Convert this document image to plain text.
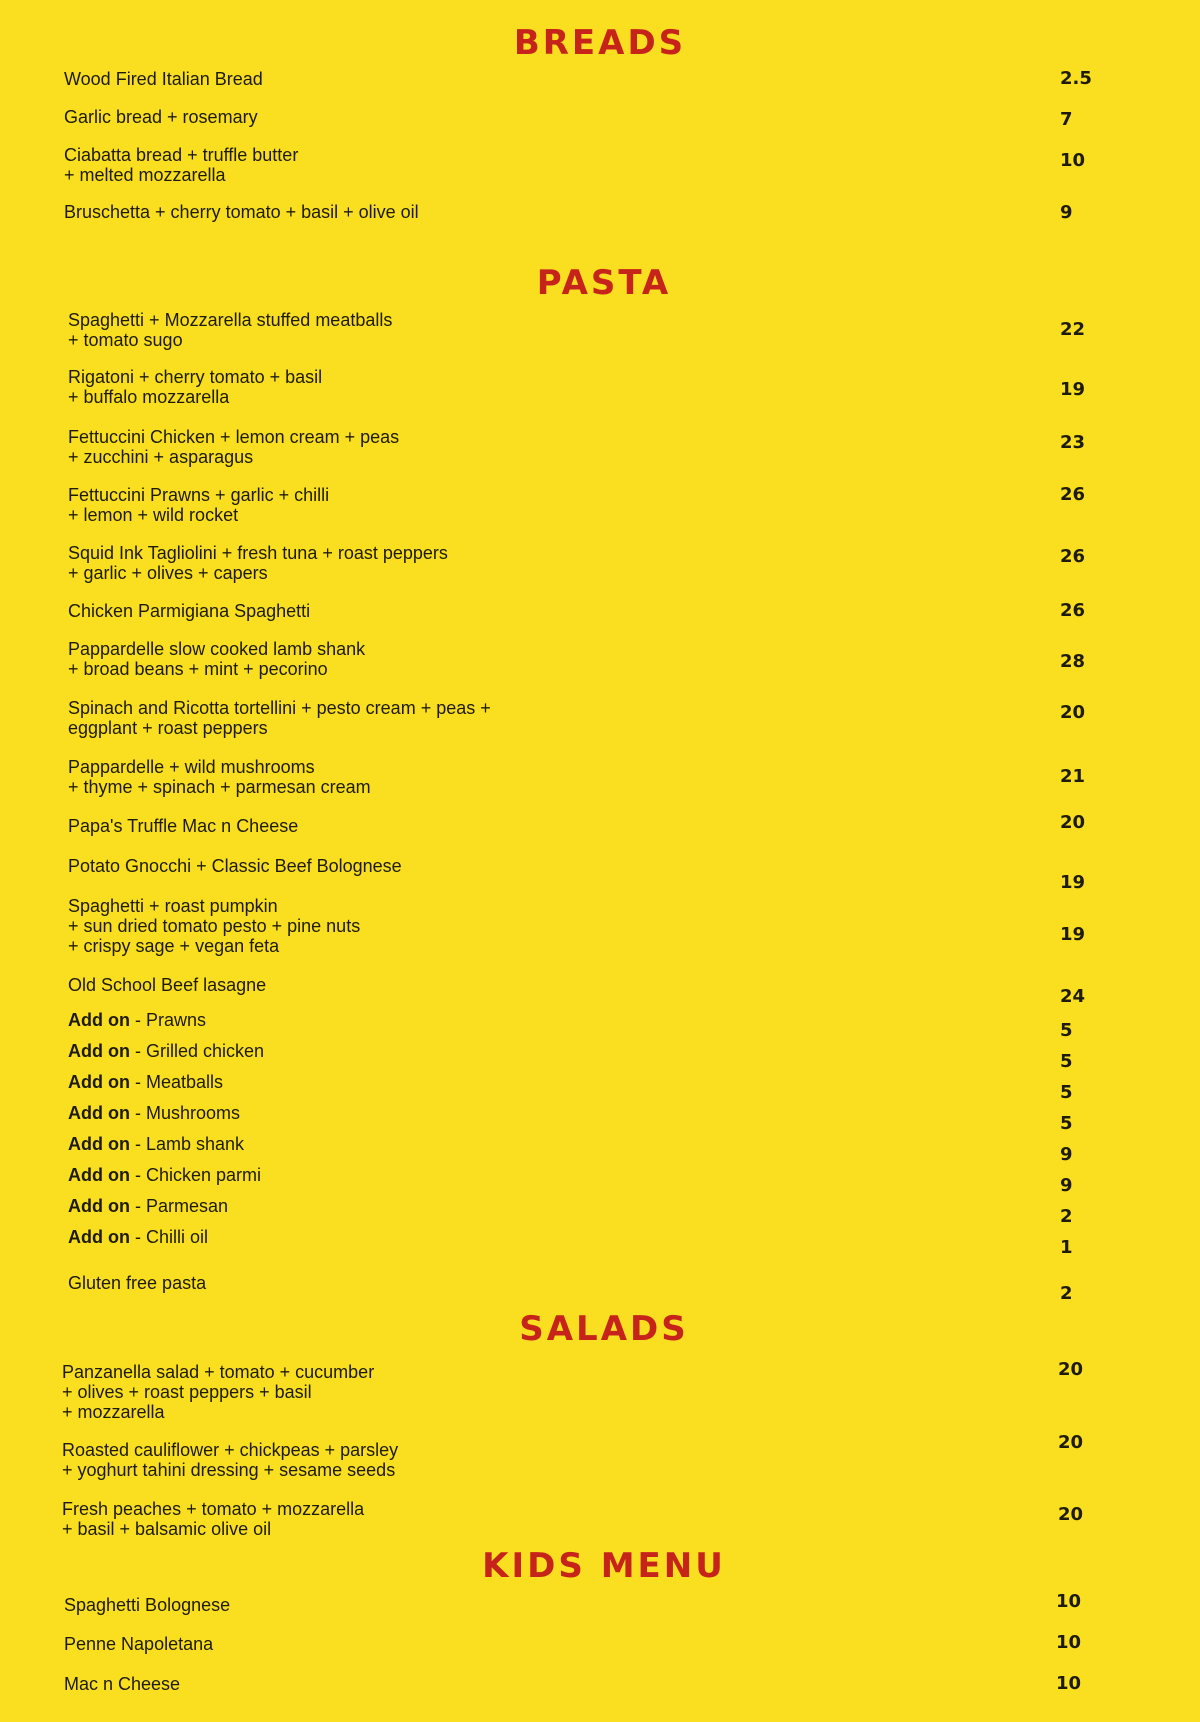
BREADS
Wood Fired Italian Bread	2.5
Garlic bread + rosemary	7
Ciabatta bread + truffle butter
+ melted mozzarella
10
Bruschetta + cherry tomato + basil + olive oil	9
PASTA
Spaghetti + Mozzarella stuffed meatballs
+ tomato sugo	22
Rigatoni + cherry tomato + basil
+ buffalo mozzarella	19
Fettuccini Chicken + lemon cream + peas
+ zucchini + asparagus
23
Fettuccini Prawns + garlic + chilli
+ lemon + wild rocket
26
Squid Ink Tagliolini + fresh tuna + roast peppers
+ garlic + olives + capers
26
Chicken Parmigiana Spaghetti	26
Pappardelle slow cooked lamb shank
+ broad beans + mint + pecorino	28
Spinach and Ricotta tortellini + pesto cream + peas +
eggplant + roast peppers
20
Pappardelle + wild mushrooms
+ thyme + spinach + parmesan cream	21
Papa's Truffle Mac n Cheese	20
Potato Gnocchi + Classic Beef Bolognese
19
Spaghetti + roast pumpkin
+ sun dried tomato pesto + pine nuts
+ crispy sage + vegan feta
19
Old School Beef lasagne
24
Add on - Prawns	5
Add on - Grilled chicken	5
Add on - Meatballs	5
Add on - Mushrooms	5
Add on - Lamb shank	9
Add on - Chicken parmi	9
Add on - Parmesan	2
Add on - Chilli oil	1
Gluten free pasta	2
SALADS
Panzanella salad + tomato + cucumber
+ olives + roast peppers + basil
+ mozzarella
20
Roasted cauliflower + chickpeas + parsley
+ yoghurt tahini dressing + sesame seeds
20
Fresh peaches + tomato + mozzarella
+ basil + balsamic olive oil
20
KIDS MENU
Spaghetti Bolognese	10
Penne Napoletana	10
Mac n Cheese	10
